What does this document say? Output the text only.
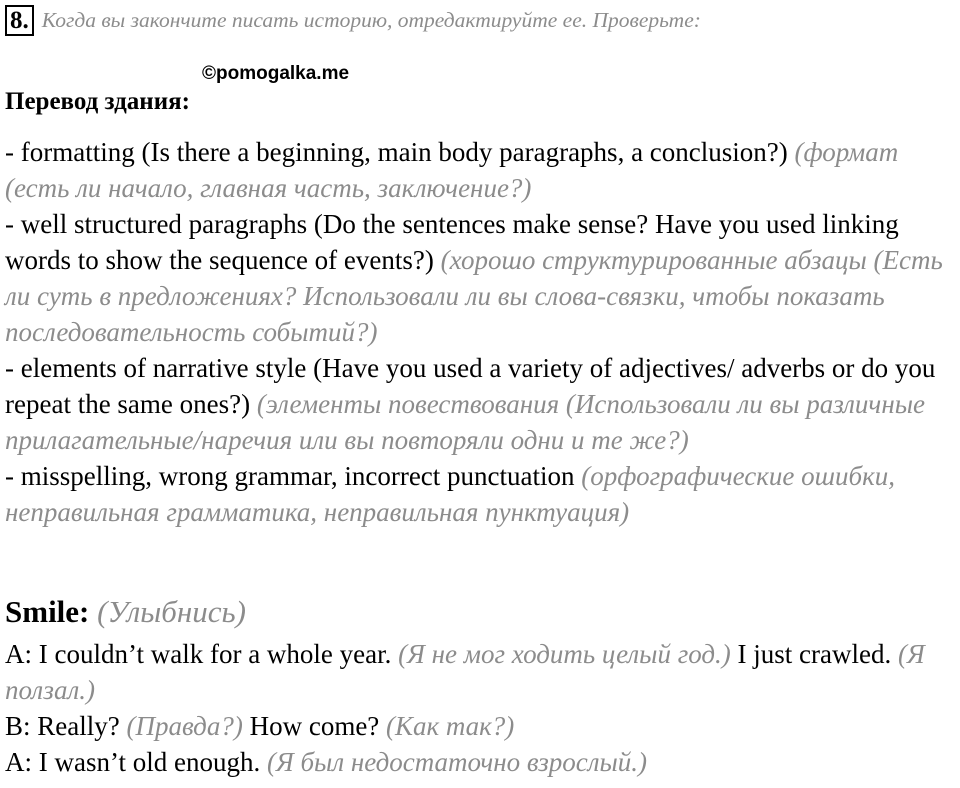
8. Когда вы закончите писать историю, отредактируйте ее. Проверьте:
©pomogalka.me
Перевод здания:

- formatting (Is there a beginning, main body paragraphs, a conclusion?) (формат (есть ли начало, главная часть, заключение?)

- well structured paragraphs (Do the sentences make sense? Have you used linking words to show the sequence of events?) (хорошо структурированные абзацы (Есть ли суть в предложениях? Использовали ли вы слова-связки, чтобы показать последовательность событий?)

- elements of narrative style (Have you used a variety of adjectives/ adverbs or do you repeat the same ones?) (элементы повествования (Использовали ли вы различные прилагательные/наречия или вы повторяли одни и те же?)

- misspelling, wrong grammar, incorrect punctuation (орфографические ошибки, неправильная грамматика, неправильная пунктуация)

Smile: (Улыбнись)

A: I couldn’t walk for a whole year. (Я не мог ходить целый год.) I just crawled. (Я ползал.)

B: Really? (Правда?) How come? (Как так?)

A: I wasn’t old enough. (Я был недостаточно взрослый.)
